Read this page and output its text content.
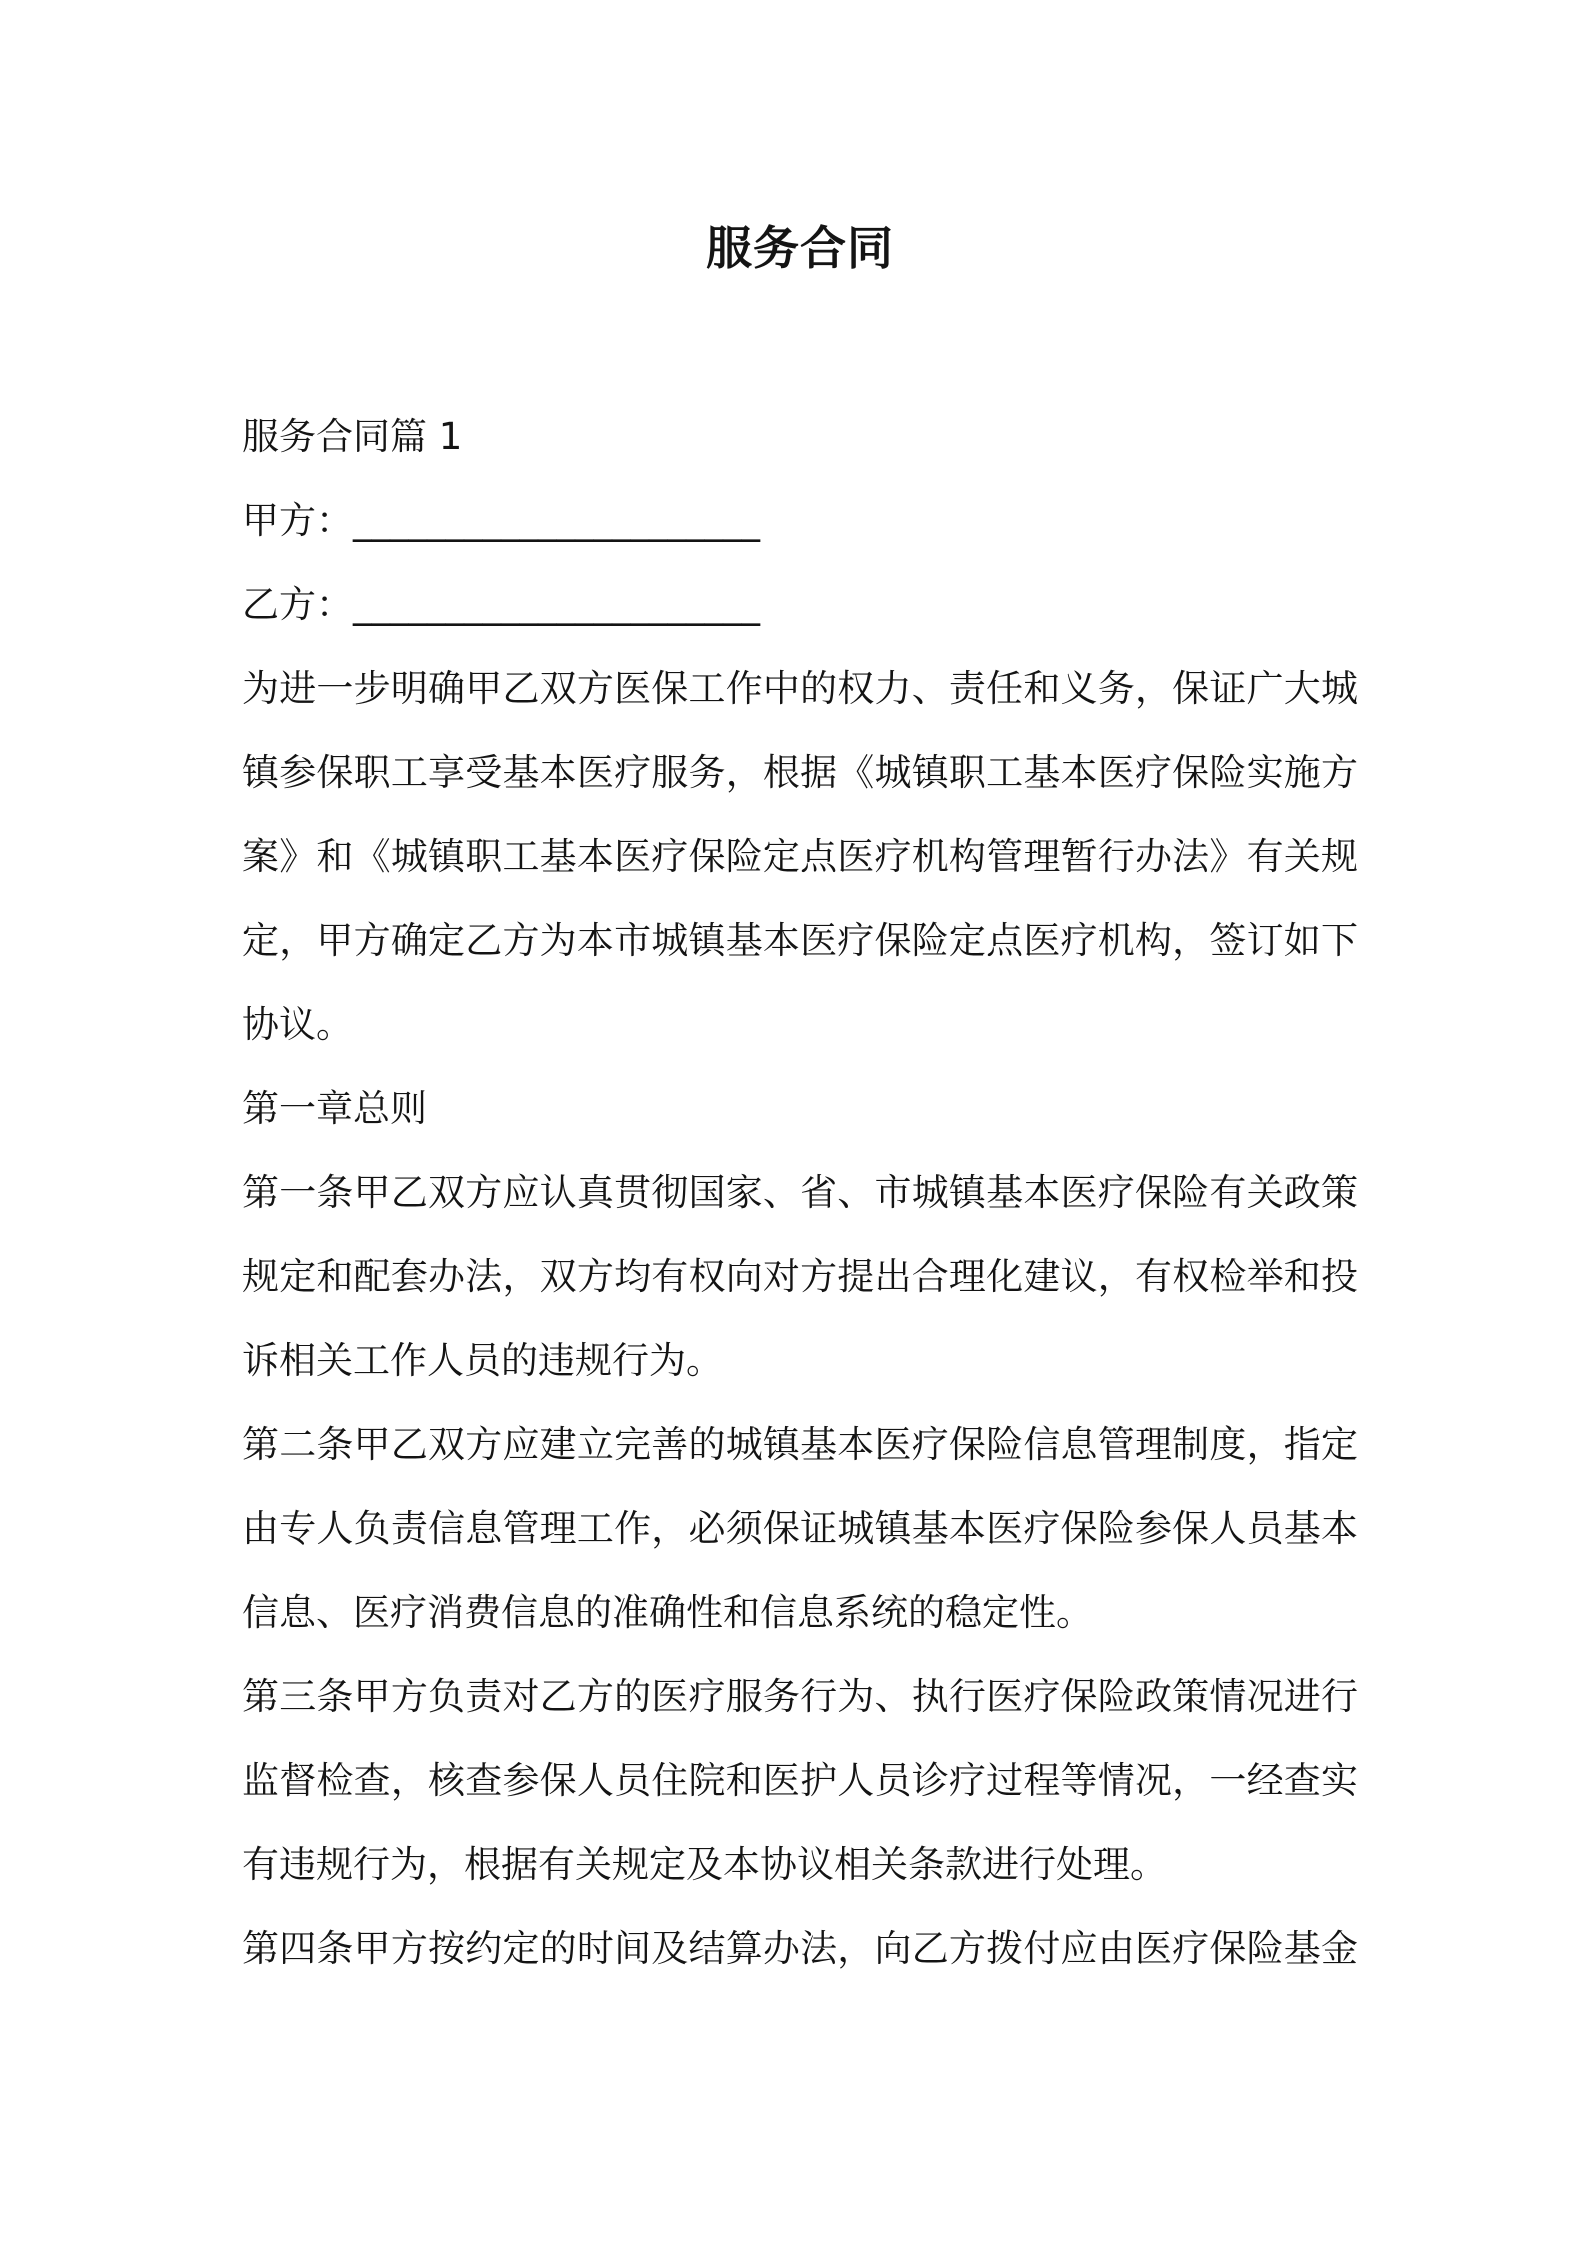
服务合同
服务合同篇 1
甲方：______________________
乙方：______________________
为进一步明确甲乙双方医保工作中的权力、责任和义务，保证广大城
镇参保职工享受基本医疗服务，根据《城镇职工基本医疗保险实施方
案》和《城镇职工基本医疗保险定点医疗机构管理暂行办法》有关规
定，甲方确定乙方为本市城镇基本医疗保险定点医疗机构，签订如下
协议。
第一章总则
第一条甲乙双方应认真贯彻国家、省、市城镇基本医疗保险有关政策
规定和配套办法，双方均有权向对方提出合理化建议，有权检举和投
诉相关工作人员的违规行为。
第二条甲乙双方应建立完善的城镇基本医疗保险信息管理制度，指定
由专人负责信息管理工作，必须保证城镇基本医疗保险参保人员基本
信息、医疗消费信息的准确性和信息系统的稳定性。
第三条甲方负责对乙方的医疗服务行为、执行医疗保险政策情况进行
监督检查，核查参保人员住院和医护人员诊疗过程等情况，一经查实
有违规行为，根据有关规定及本协议相关条款进行处理。
第四条甲方按约定的时间及结算办法，向乙方拨付应由医疗保险基金
